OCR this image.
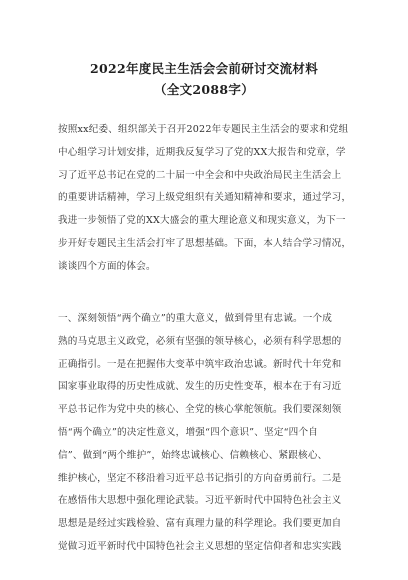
2022年度民主生活会会前研讨交流材料
（全文2088字）
按照xx纪委、组织部关于召开2022年专题民主生活会的要求和党组
中心组学习计划安排，近期我反复学习了党的XX大报告和党章，学
习了近平总书记在党的二十届一中全会和中央政治局民主生活会上
的重要讲话精神，学习上级党组织有关通知精神和要求，通过学习，
我进一步领悟了党的XX大盛会的重大理论意义和现实意义，为下一
步开好专题民主生活会打牢了思想基础。下面，本人结合学习情况，
谈谈四个方面的体会。
一、深刻领悟“两个确立”的重大意义，做到骨里有忠诚。一个成
熟的马克思主义政党，必须有坚强的领导核心，必须有科学思想的
正确指引。一是在把握伟大变革中筑牢政治忠诚。新时代十年党和
国家事业取得的历史性成就、发生的历史性变革，根本在于有习近
平总书记作为党中央的核心、全党的核心掌舵领航。我们要深刻领
悟“两个确立”的决定性意义，增强“四个意识”、坚定“四个自
信”、做到“两个维护”，始终忠诚核心、信赖核心、紧跟核心、
维护核心，坚定不移沿着习近平总书记指引的方向奋勇前行。二是
在感悟伟大思想中强化理论武装。习近平新时代中国特色社会主义
思想是是经过实践检验、富有真理力量的科学理论。我们要更加自
觉做习近平新时代中国特色社会主义思想的坚定信仰者和忠实实践
